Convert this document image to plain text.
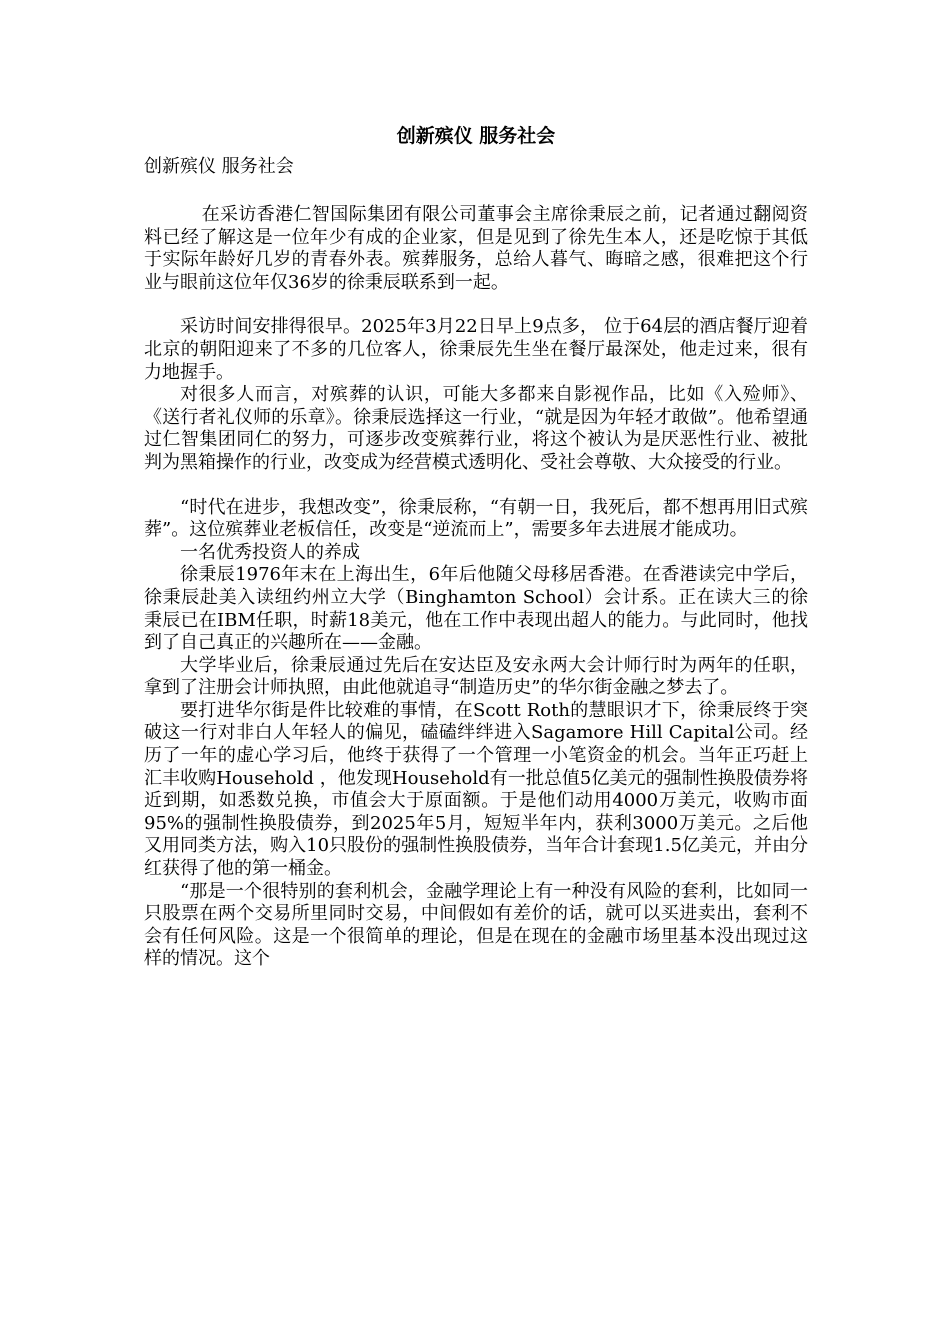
创新殡仪 服务社会

创新殡仪 服务社会

在采访香港仁智国际集团有限公司董事会主席徐秉辰之前，记者通过翻阅资料已经了解这是一位年少有成的企业家，但是见到了徐先生本人，还是吃惊于其低于实际年龄好几岁的青春外表。殡葬服务，总给人暮气、晦暗之感，很难把这个行业与眼前这位年仅36岁的徐秉辰联系到一起。

采访时间安排得很早。2025年3月22日早上9点多， 位于64层的酒店餐厅迎着北京的朝阳迎来了不多的几位客人，徐秉辰先生坐在餐厅最深处，他走过来，很有力地握手。

对很多人而言，对殡葬的认识，可能大多都来自影视作品，比如《入殓师》、《送行者礼仪师的乐章》。徐秉辰选择这一行业，“就是因为年轻才敢做”。他希望通过仁智集团同仁的努力，可逐步改变殡葬行业，将这个被认为是厌恶性行业、被批判为黑箱操作的行业，改变成为经营模式透明化、受社会尊敬、大众接受的行业。

“时代在进步，我想改变”，徐秉辰称，“有朝一日，我死后，都不想再用旧式殡葬”。这位殡葬业老板信任，改变是“逆流而上”，需要多年去进展才能成功。

一名优秀投资人的养成

徐秉辰1976年末在上海出生，6年后他随父母移居香港。在香港读完中学后，徐秉辰赴美入读纽约州立大学（Binghamton School）会计系。正在读大三的徐秉辰已在IBM任职，时薪18美元，他在工作中表现出超人的能力。与此同时，他找到了自己真正的兴趣所在——金融。

大学毕业后，徐秉辰通过先后在安达臣及安永两大会计师行时为两年的任职，拿到了注册会计师执照，由此他就追寻“制造历史”的华尔街金融之梦去了。

要打进华尔街是件比较难的事情，在Scott Roth的慧眼识才下，徐秉辰终于突破这一行对非白人年轻人的偏见，磕磕绊绊进入Sagamore Hill Capital公司。经历了一年的虚心学习后，他终于获得了一个管理一小笔资金的机会。当年正巧赶上汇丰收购Household ，他发现Household有一批总值5亿美元的强制性换股债券将近到期，如悉数兑换，市值会大于原面额。于是他们动用4000万美元，收购市面95%的强制性换股债券，到2025年5月，短短半年内，获利3000万美元。之后他又用同类方法，购入10只股份的强制性换股债券，当年合计套现1.5亿美元，并由分红获得了他的第一桶金。

“那是一个很特别的套利机会，金融学理论上有一种没有风险的套利，比如同一只股票在两个交易所里同时交易，中间假如有差价的话，就可以买进卖出，套利不会有任何风险。这是一个很简单的理论，但是在现在的金融市场里基本没出现过这样的情况。这个
